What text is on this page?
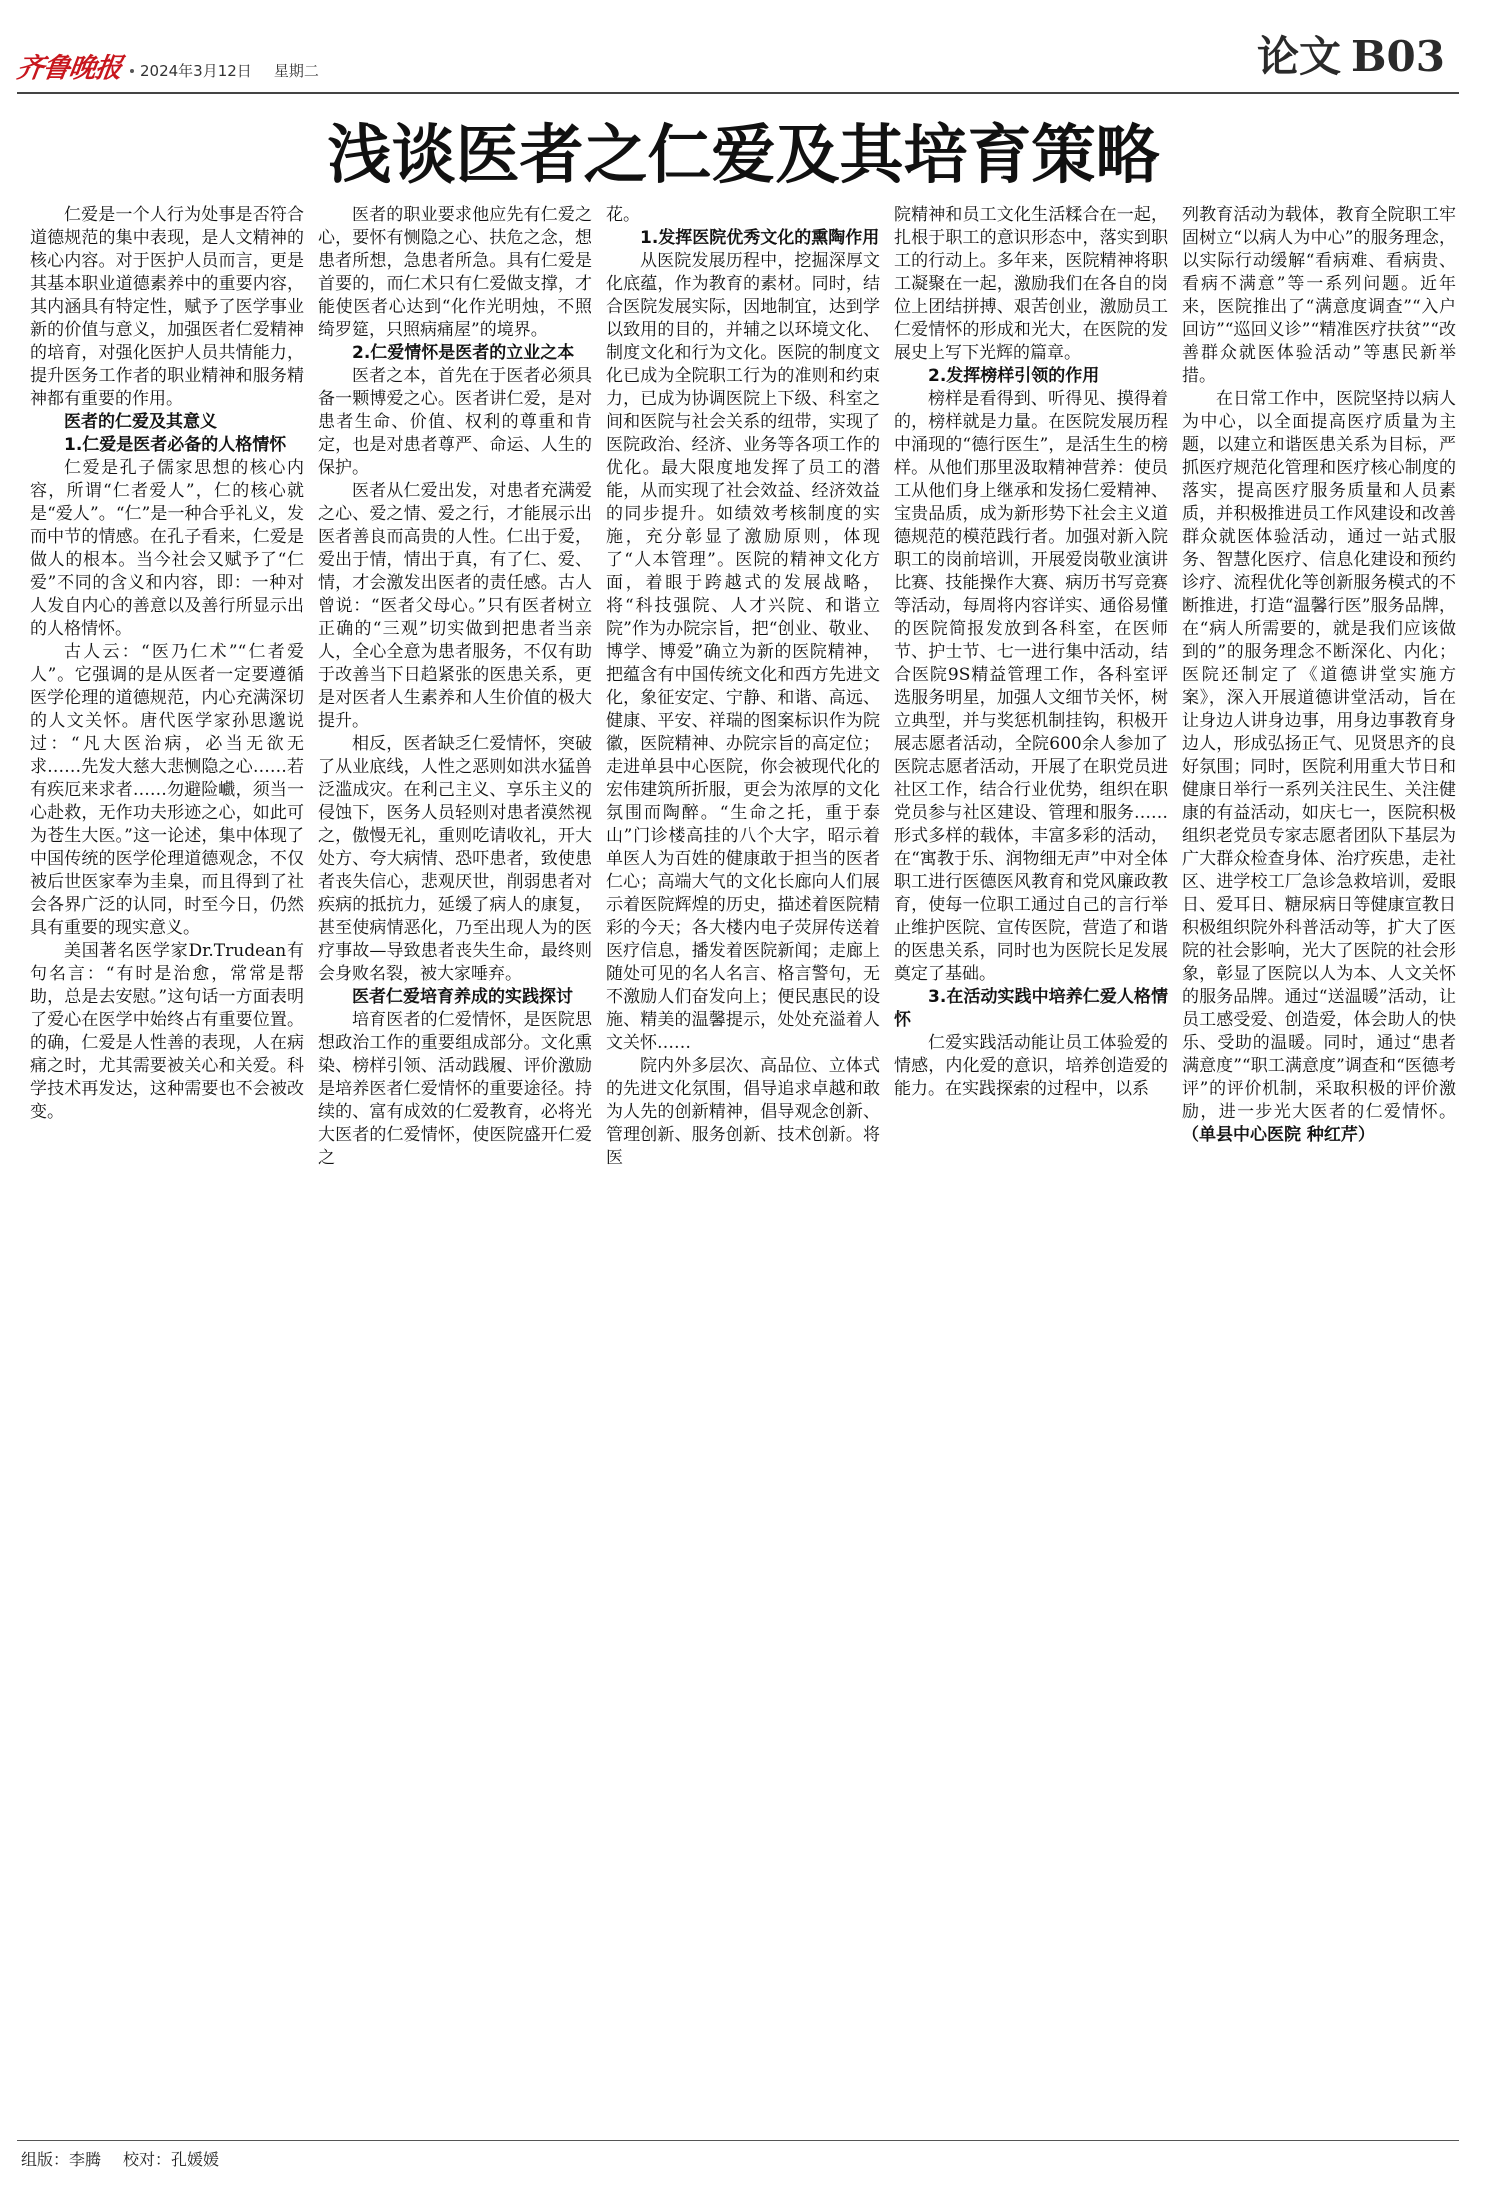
齐鲁晚报 2024年3月12日 星期二	论文 B03
浅谈医者之仁爱及其培育策略

仁爱是一个人行为处事是否符合道德规范的集中表现，是人文精神的核心内容。对于医护人员而言，更是其基本职业道德素养中的重要内容，其内涵具有特定性，赋予了医学事业新的价值与意义，加强医者仁爱精神的培育，对强化医护人员共情能力，提升医务工作者的职业精神和服务精神都有重要的作用。

医者的仁爱及其意义

1.仁爱是医者必备的人格情怀

仁爱是孔子儒家思想的核心内容，所谓“仁者爱人”，仁的核心就是“爱人”。“仁”是一种合乎礼义，发而中节的情感。在孔子看来，仁爱是做人的根本。当今社会又赋予了“仁爱”不同的含义和内容，即：一种对人发自内心的善意以及善行所显示出的人格情怀。

古人云：“医乃仁术”“仁者爱人”。它强调的是从医者一定要遵循医学伦理的道德规范，内心充满深切的人文关怀。唐代医学家孙思邈说过：“凡大医治病，必当无欲无求……先发大慈大悲恻隐之心……若有疾厄来求者……勿避险巇，须当一心赴救，无作功夫形迹之心，如此可为苍生大医。”这一论述，集中体现了中国传统的医学伦理道德观念，不仅被后世医家奉为圭臬，而且得到了社会各界广泛的认同，时至今日，仍然具有重要的现实意义。

美国著名医学家Dr.Trudean有句名言：“有时是治愈，常常是帮助，总是去安慰。”这句话一方面表明了爱心在医学中始终占有重要位置。的确，仁爱是人性善的表现，人在病痛之时，尤其需要被关心和关爱。科学技术再发达，这种需要也不会被改变。

医者的职业要求他应先有仁爱之心，要怀有恻隐之心、扶危之念，想患者所想，急患者所急。具有仁爱是首要的，而仁术只有仁爱做支撑，才能使医者心达到“化作光明烛，不照绮罗筵，只照病痛屋”的境界。

2.仁爱情怀是医者的立业之本

医者之本，首先在于医者必须具备一颗博爱之心。医者讲仁爱，是对患者生命、价值、权利的尊重和肯定，也是对患者尊严、命运、人生的保护。

医者从仁爱出发，对患者充满爱之心、爱之情、爱之行，才能展示出医者善良而高贵的人性。仁出于爱，爱出于情，情出于真，有了仁、爱、情，才会激发出医者的责任感。古人曾说：“医者父母心。”只有医者树立正确的“三观”切实做到把患者当亲人，全心全意为患者服务，不仅有助于改善当下日趋紧张的医患关系，更是对医者人生素养和人生价值的极大提升。

相反，医者缺乏仁爱情怀，突破了从业底线，人性之恶则如洪水猛兽泛滥成灾。在利己主义、享乐主义的侵蚀下，医务人员轻则对患者漠然视之，傲慢无礼，重则吃请收礼，开大处方、夸大病情、恐吓患者，致使患者丧失信心，悲观厌世，削弱患者对疾病的抵抗力，延缓了病人的康复，甚至使病情恶化，乃至出现人为的医疗事故—导致患者丧失生命，最终则会身败名裂，被大家唾弃。

医者仁爱培育养成的实践探讨

培育医者的仁爱情怀，是医院思想政治工作的重要组成部分。文化熏染、榜样引领、活动践履、评价激励是培养医者仁爱情怀的重要途径。持续的、富有成效的仁爱教育，必将光大医者的仁爱情怀，使医院盛开仁爱之

花。

1.发挥医院优秀文化的熏陶作用

从医院发展历程中，挖掘深厚文化底蕴，作为教育的素材。同时，结合医院发展实际，因地制宜，达到学以致用的目的，并辅之以环境文化、制度文化和行为文化。医院的制度文化已成为全院职工行为的准则和约束力，已成为协调医院上下级、科室之间和医院与社会关系的纽带，实现了医院政治、经济、业务等各项工作的优化。最大限度地发挥了员工的潜能，从而实现了社会效益、经济效益的同步提升。如绩效考核制度的实施，充分彰显了激励原则，体现了“人本管理”。医院的精神文化方面，着眼于跨越式的发展战略，将“科技强院、人才兴院、和谐立院”作为办院宗旨，把“创业、敬业、博学、博爱”确立为新的医院精神，把蕴含有中国传统文化和西方先进文化，象征安定、宁静、和谐、高远、健康、平安、祥瑞的图案标识作为院徽，医院精神、办院宗旨的高定位；走进单县中心医院，你会被现代化的宏伟建筑所折服，更会为浓厚的文化氛围而陶醉。“生命之托，重于泰山”门诊楼高挂的八个大字，昭示着单医人为百姓的健康敢于担当的医者仁心；高端大气的文化长廊向人们展示着医院辉煌的历史，描述着医院精彩的今天；各大楼内电子荧屏传送着医疗信息，播发着医院新闻；走廊上随处可见的名人名言、格言警句，无不激励人们奋发向上；便民惠民的设施、精美的温馨提示，处处充溢着人文关怀……

院内外多层次、高品位、立体式的先进文化氛围，倡导追求卓越和敢为人先的创新精神，倡导观念创新、管理创新、服务创新、技术创新。将医

院精神和员工文化生活糅合在一起，扎根于职工的意识形态中，落实到职工的行动上。多年来，医院精神将职工凝聚在一起，激励我们在各自的岗位上团结拼搏、艰苦创业，激励员工仁爱情怀的形成和光大，在医院的发展史上写下光辉的篇章。

2.发挥榜样引领的作用

榜样是看得到、听得见、摸得着的，榜样就是力量。在医院发展历程中涌现的“德行医生”，是活生生的榜样。从他们那里汲取精神营养：使员工从他们身上继承和发扬仁爱精神、宝贵品质，成为新形势下社会主义道德规范的模范践行者。加强对新入院职工的岗前培训，开展爱岗敬业演讲比赛、技能操作大赛、病历书写竞赛等活动，每周将内容详实、通俗易懂的医院简报发放到各科室，在医师节、护士节、七一进行集中活动，结合医院9S精益管理工作，各科室评选服务明星，加强人文细节关怀，树立典型，并与奖惩机制挂钩，积极开展志愿者活动，全院600余人参加了医院志愿者活动，开展了在职党员进社区工作，结合行业优势，组织在职党员参与社区建设、管理和服务……形式多样的载体，丰富多彩的活动，在“寓教于乐、润物细无声”中对全体职工进行医德医风教育和党风廉政教育，使每一位职工通过自己的言行举止维护医院、宣传医院，营造了和谐的医患关系，同时也为医院长足发展奠定了基础。

3.在活动实践中培养仁爱人格情怀

仁爱实践活动能让员工体验爱的情感，内化爱的意识，培养创造爱的能力。在实践探索的过程中，以系

列教育活动为载体，教育全院职工牢固树立“以病人为中心”的服务理念，以实际行动缓解“看病难、看病贵、看病不满意”等一系列问题。近年来，医院推出了“满意度调查”“入户回访”“巡回义诊”“精准医疗扶贫”“改善群众就医体验活动”等惠民新举措。

在日常工作中，医院坚持以病人为中心，以全面提高医疗质量为主题，以建立和谐医患关系为目标，严抓医疗规范化管理和医疗核心制度的落实，提高医疗服务质量和人员素质，并积极推进员工作风建设和改善群众就医体验活动，通过一站式服务、智慧化医疗、信息化建设和预约诊疗、流程优化等创新服务模式的不断推进，打造“温馨行医”服务品牌，在“病人所需要的，就是我们应该做到的”的服务理念不断深化、内化；医院还制定了《道德讲堂实施方案》，深入开展道德讲堂活动，旨在让身边人讲身边事，用身边事教育身边人，形成弘扬正气、见贤思齐的良好氛围；同时，医院利用重大节日和健康日举行一系列关注民生、关注健康的有益活动，如庆七一，医院积极组织老党员专家志愿者团队下基层为广大群众检查身体、治疗疾患，走社区、进学校工厂急诊急救培训，爱眼日、爱耳日、糖尿病日等健康宣教日积极组织院外科普活动等，扩大了医院的社会影响，光大了医院的社会形象，彰显了医院以人为本、人文关怀的服务品牌。通过“送温暖”活动，让员工感受爱、创造爱，体会助人的快乐、受助的温暖。同时，通过“患者满意度”“职工满意度”调查和“医德考评”的评价机制，采取积极的评价激励，进一步光大医者的仁爱情怀。（单县中心医院 种红芹）

组版：李腾 校对：孔媛媛
